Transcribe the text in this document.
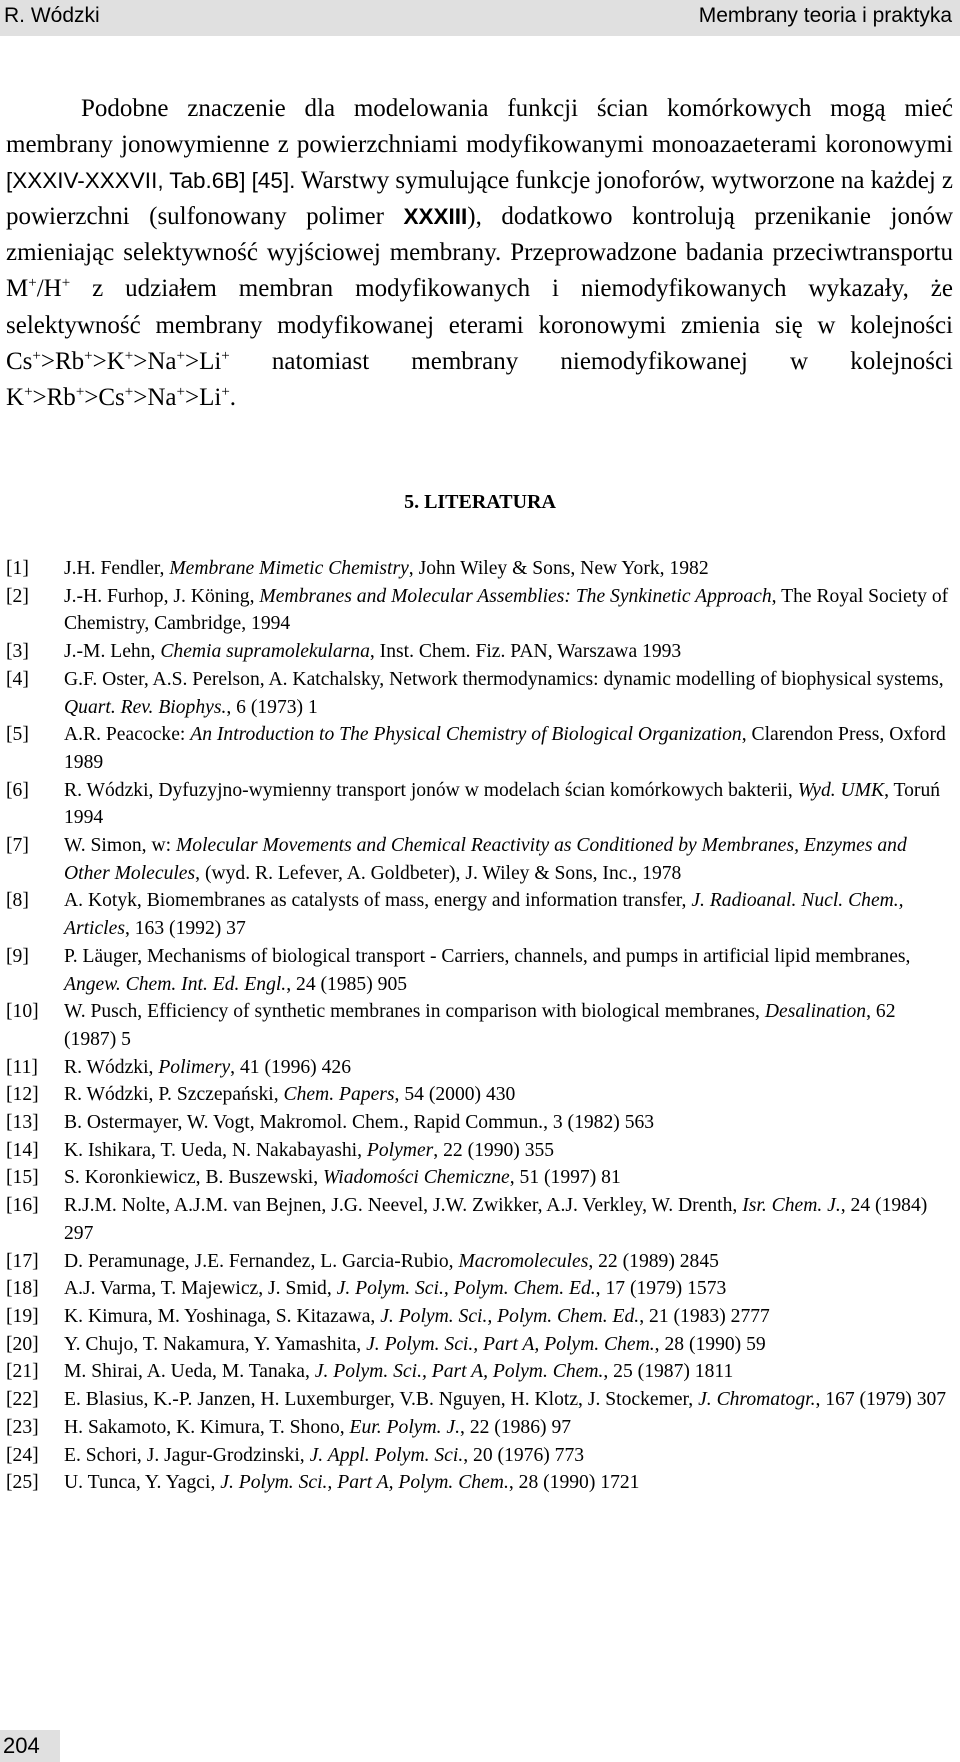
R. Wódzki	Membrany teoria i praktyka

Podobne znaczenie dla modelowania funkcji ścian komórkowych mogą mieć membrany jonowymienne z powierzchniami modyfikowanymi monoazaeterami koronowymi [XXXIV-XXXVII, Tab.6B] [45]. Warstwy symulujące funkcje jonoforów, wytworzone na każdej z powierzchni (sulfonowany polimer XXXIII), dodatkowo kontrolują przenikanie jonów zmieniając selektywność wyjściowej membrany. Przeprowadzone badania przeciwtransportu M+/H+ z udziałem membran modyfikowanych i niemodyfikowanych wykazały, że selektywność membrany modyfikowanej eterami koronowymi zmienia się w kolejności Cs+>Rb+>K+>Na+>Li+ natomiast membrany niemodyfikowanej w kolejności K+>Rb+>Cs+>Na+>Li+.

5. LITERATURA
[1]	J.H. Fendler, Membrane Mimetic Chemistry, John Wiley & Sons, New York, 1982
[2]	J.-H. Furhop, J. Köning, Membranes and Molecular Assemblies: The Synkinetic Approach, The Royal Society of Chemistry, Cambridge, 1994
[3]	J.-M. Lehn, Chemia supramolekularna, Inst. Chem. Fiz. PAN, Warszawa 1993
[4]	G.F. Oster, A.S. Perelson, A. Katchalsky, Network thermodynamics: dynamic modelling of biophysical systems, Quart. Rev. Biophys., 6 (1973) 1
[5]	A.R. Peacocke: An Introduction to The Physical Chemistry of Biological Organization, Clarendon Press, Oxford 1989
[6]	R. Wódzki, Dyfuzyjno-wymienny transport jonów w modelach ścian komórkowych bakterii, Wyd. UMK, Toruń 1994
[7]	W. Simon, w: Molecular Movements and Chemical Reactivity as Conditioned by Membranes, Enzymes and Other Molecules, (wyd. R. Lefever, A. Goldbeter), J. Wiley & Sons, Inc., 1978
[8]	A. Kotyk, Biomembranes as catalysts of mass, energy and information transfer, J. Radioanal. Nucl. Chem., Articles, 163 (1992) 37
[9]	P. Läuger, Mechanisms of biological transport - Carriers, channels, and pumps in artificial lipid membranes, Angew. Chem. Int. Ed. Engl., 24 (1985) 905
[10]	W. Pusch, Efficiency of synthetic membranes in comparison with biological membranes, Desalination, 62 (1987) 5
[11]	R. Wódzki, Polimery, 41 (1996) 426
[12]	R. Wódzki, P. Szczepański, Chem. Papers, 54 (2000) 430
[13]	B. Ostermayer, W. Vogt, Makromol. Chem., Rapid Commun., 3 (1982) 563
[14]	K. Ishikara, T. Ueda, N. Nakabayashi, Polymer, 22 (1990) 355
[15]	S. Koronkiewicz, B. Buszewski, Wiadomości Chemiczne, 51 (1997) 81
[16]	R.J.M. Nolte, A.J.M. van Bejnen, J.G. Neevel, J.W. Zwikker, A.J. Verkley, W. Drenth, Isr. Chem. J., 24 (1984) 297
[17]	D. Peramunage, J.E. Fernandez, L. Garcia-Rubio, Macromolecules, 22 (1989) 2845
[18]	A.J. Varma, T. Majewicz, J. Smid, J. Polym. Sci., Polym. Chem. Ed., 17 (1979) 1573
[19]	K. Kimura, M. Yoshinaga, S. Kitazawa, J. Polym. Sci., Polym. Chem. Ed., 21 (1983) 2777
[20]	Y. Chujo, T. Nakamura, Y. Yamashita, J. Polym. Sci., Part A, Polym. Chem., 28 (1990) 59
[21]	M. Shirai, A. Ueda, M. Tanaka, J. Polym. Sci., Part A, Polym. Chem., 25 (1987) 1811
[22]	E. Blasius, K.-P. Janzen, H. Luxemburger, V.B. Nguyen, H. Klotz, J. Stockemer, J. Chromatogr., 167 (1979) 307
[23]	H. Sakamoto, K. Kimura, T. Shono, Eur. Polym. J., 22 (1986) 97
[24]	E. Schori, J. Jagur-Grodzinski, J. Appl. Polym. Sci., 20 (1976) 773
[25]	U. Tunca, Y. Yagci, J. Polym. Sci., Part A, Polym. Chem., 28 (1990) 1721
204
